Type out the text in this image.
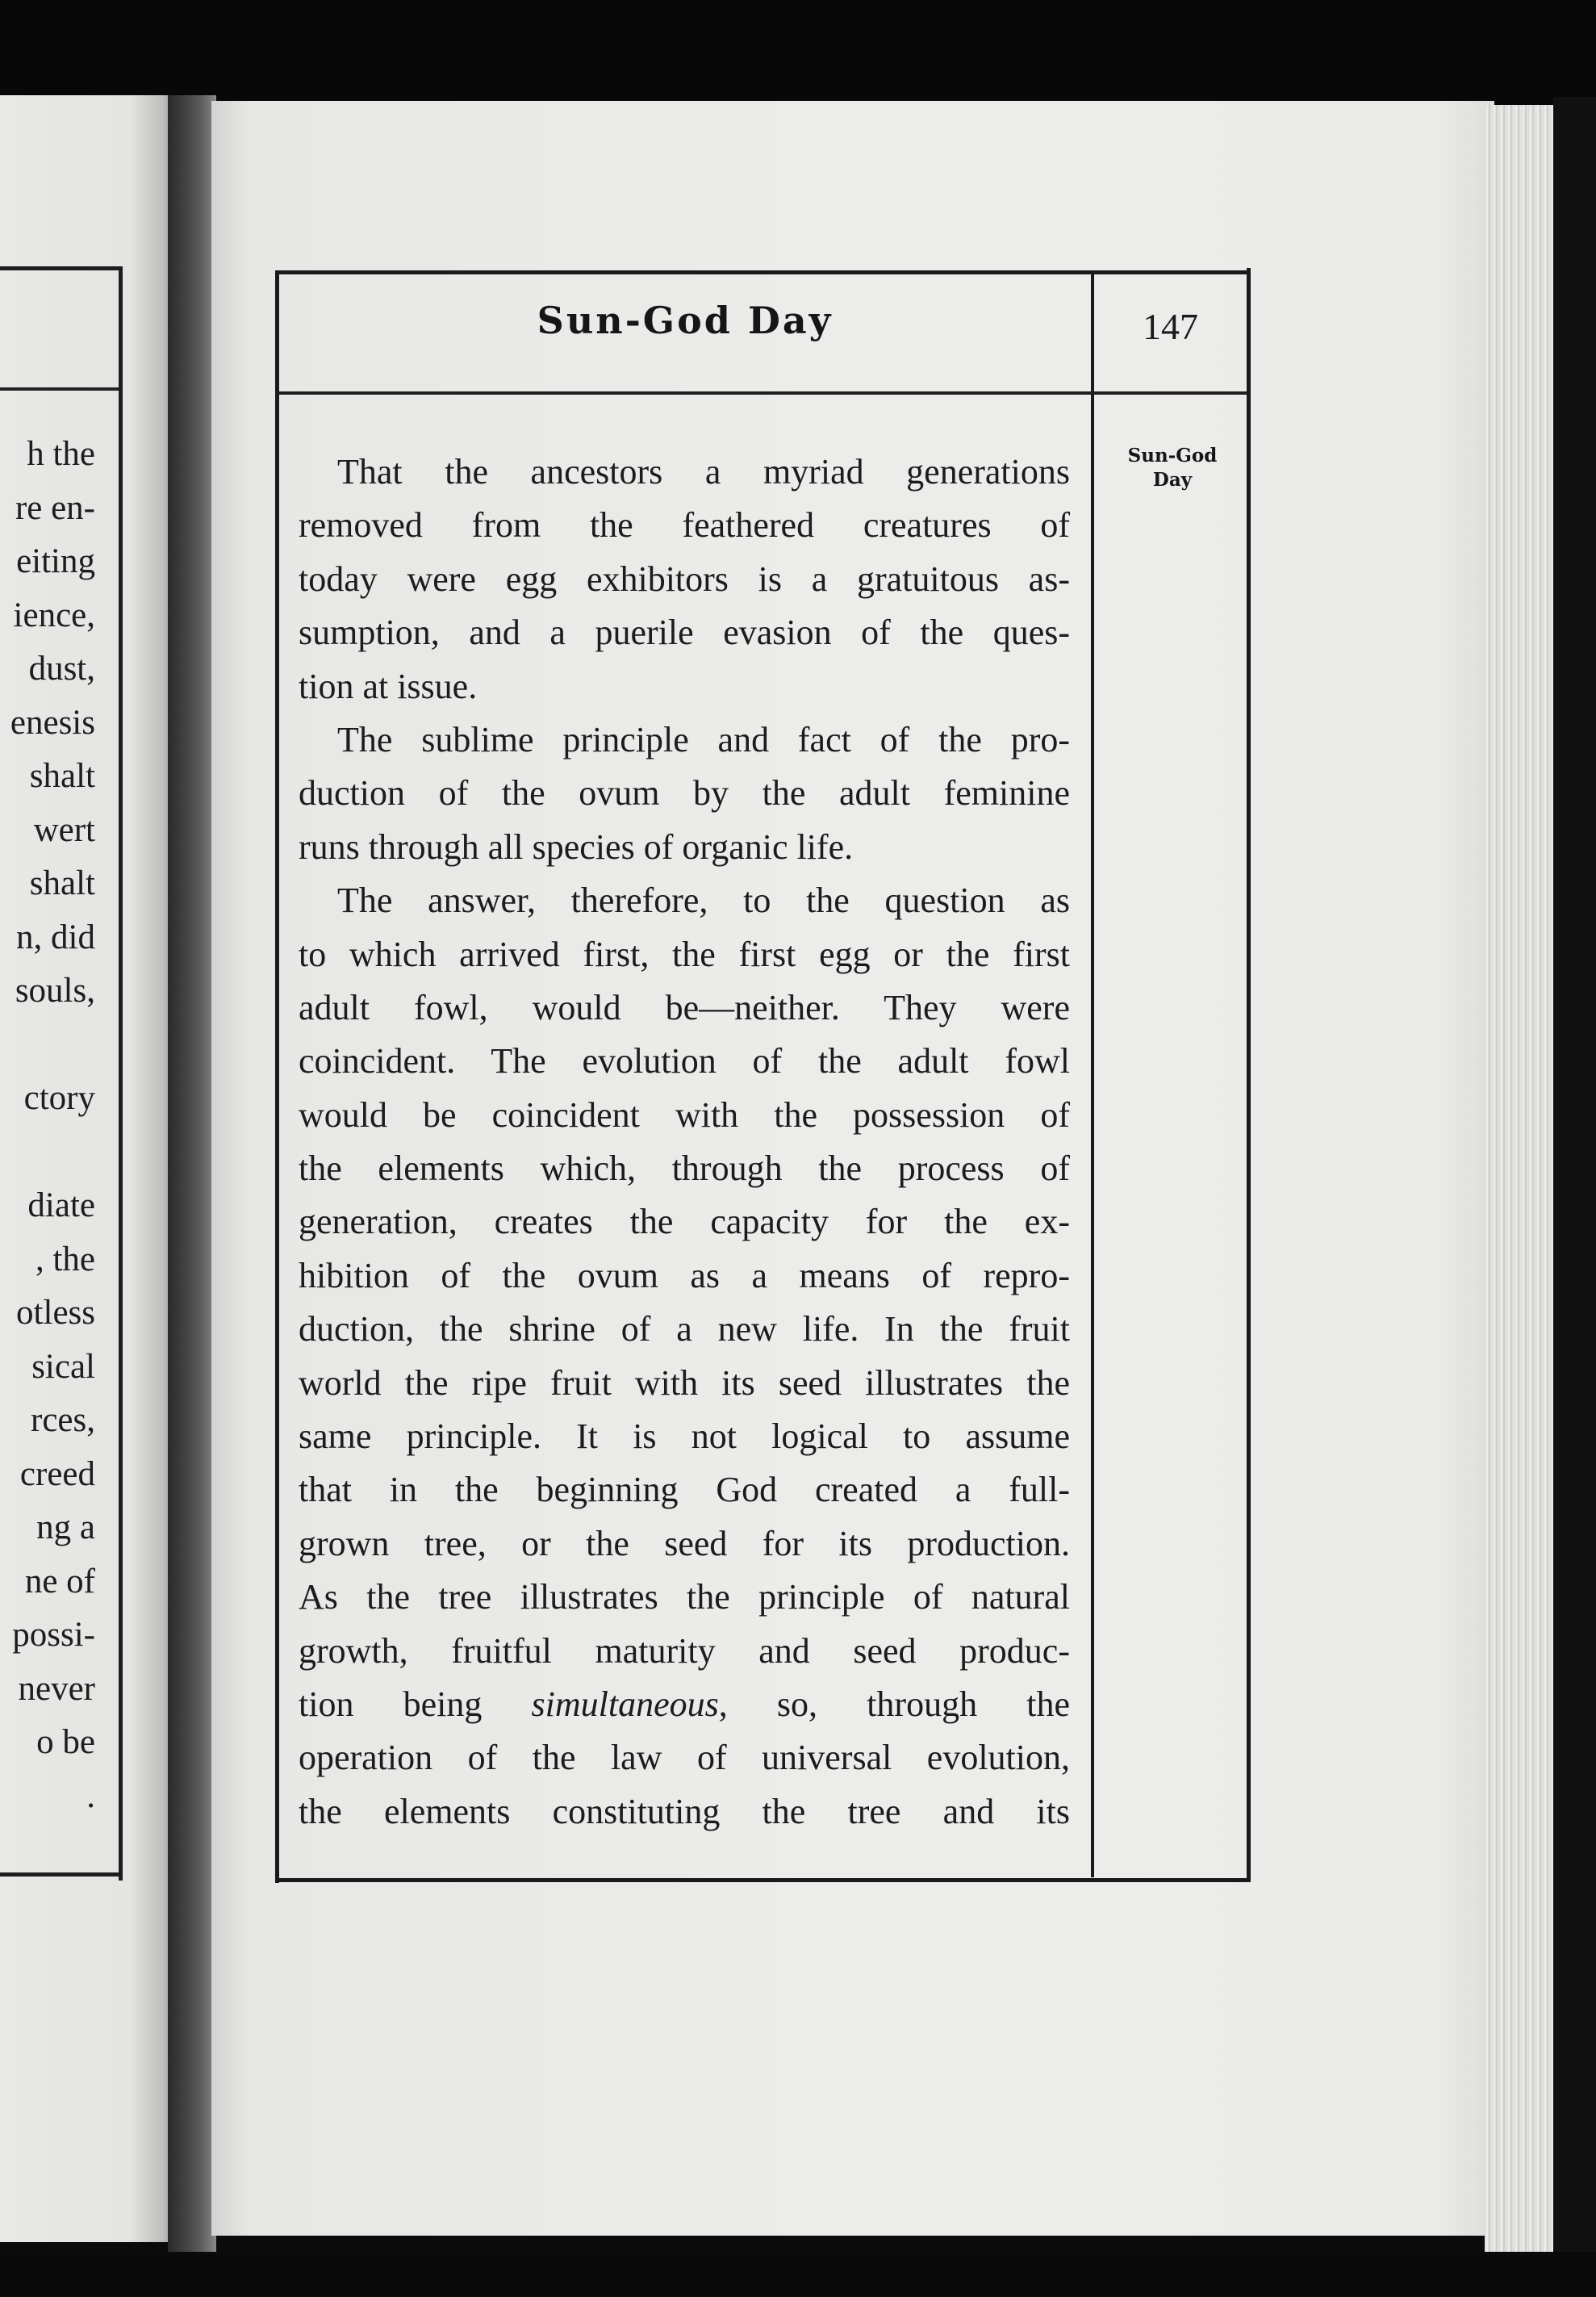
h the
re en-
eiting
ience,
dust,
enesis
shalt
wert
shalt
n, did
souls,
ctory
diate
, the
otless
sical
rces,
creed
ng a
ne of
possi-
never
o be
.
Sun-God Day	147
Sun-God
Day

That the ancestors a myriad generations
removed from the feathered creatures of
today were egg exhibitors is a gratuitous as-
sumption, and a puerile evasion of the ques-
tion at issue.

The sublime principle and fact of the pro-
duction of the ovum by the adult feminine
runs through all species of organic life.

The answer, therefore, to the question as
to which arrived first, the first egg or the first
adult fowl, would be—neither. They were
coincident. The evolution of the adult fowl
would be coincident with the possession of
the elements which, through the process of
generation, creates the capacity for the ex-
hibition of the ovum as a means of repro-
duction, the shrine of a new life. In the fruit
world the ripe fruit with its seed illustrates the
same principle. It is not logical to assume
that in the beginning God created a full-
grown tree, or the seed for its production.
As the tree illustrates the principle of natural
growth, fruitful maturity and seed produc-
tion being simultaneous, so, through the
operation of the law of universal evolution,
the elements constituting the tree and its
